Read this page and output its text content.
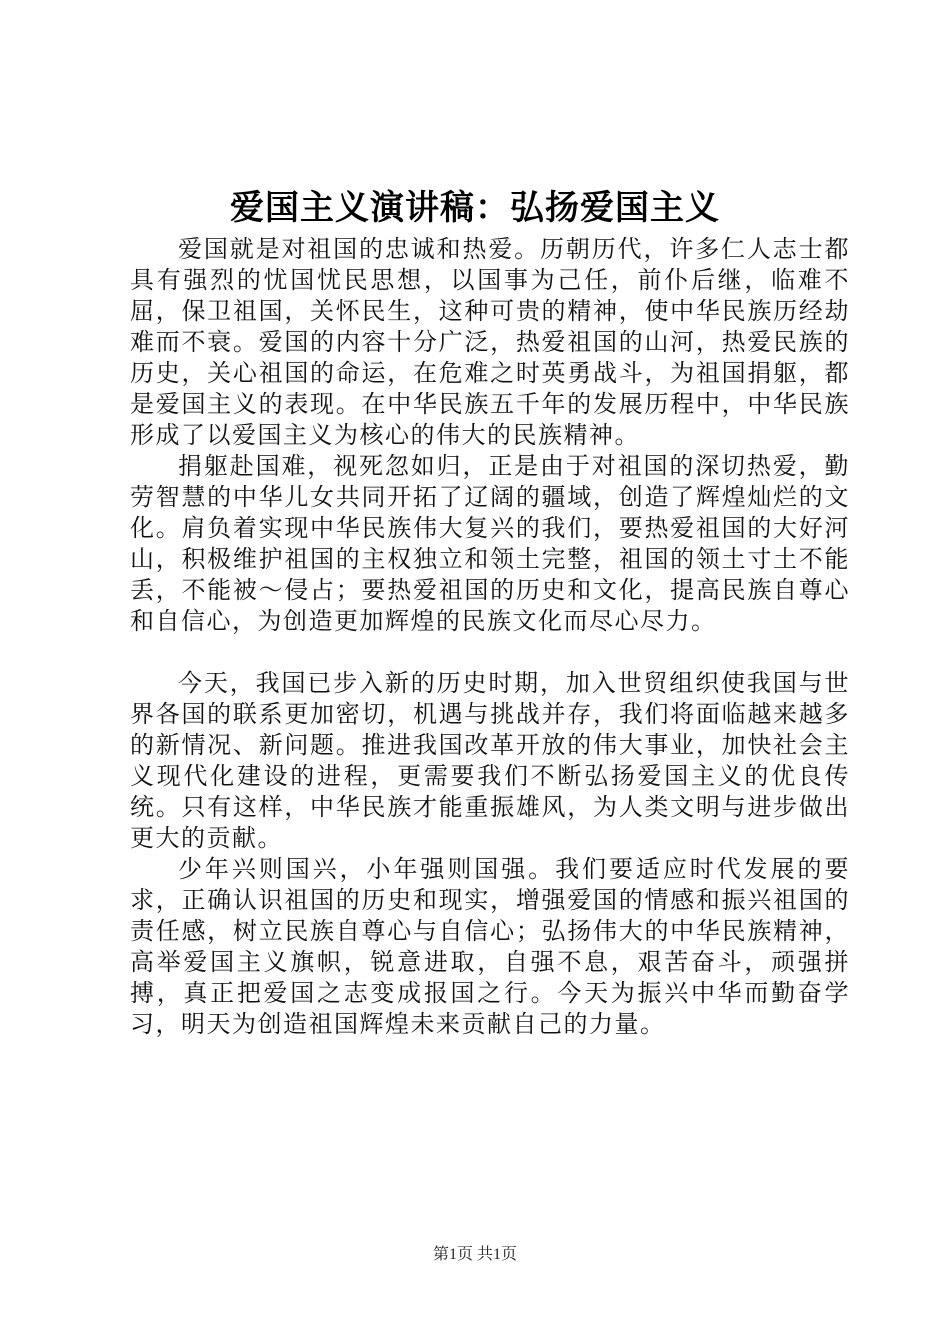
爱国主义演讲稿：弘扬爱国主义

爱国就是对祖国的忠诚和热爱。历朝历代，许多仁人志士都具有强烈的忧国忧民思想，以国事为己任，前仆后继，临难不屈，保卫祖国，关怀民生，这种可贵的精神，使中华民族历经劫难而不衰。爱国的内容十分广泛，热爱祖国的山河，热爱民族的历史，关心祖国的命运，在危难之时英勇战斗，为祖国捐躯，都是爱国主义的表现。在中华民族五千年的发展历程中，中华民族形成了以爱国主义为核心的伟大的民族精神。

捐躯赴国难，视死忽如归，正是由于对祖国的深切热爱，勤劳智慧的中华儿女共同开拓了辽阔的疆域，创造了辉煌灿烂的文化。肩负着实现中华民族伟大复兴的我们，要热爱祖国的大好河山，积极维护祖国的主权独立和领土完整，祖国的领土寸土不能丢，不能被～侵占；要热爱祖国的历史和文化，提高民族自尊心和自信心，为创造更加辉煌的民族文化而尽心尽力。

今天，我国已步入新的历史时期，加入世贸组织使我国与世界各国的联系更加密切，机遇与挑战并存，我们将面临越来越多的新情况、新问题。推进我国改革开放的伟大事业，加快社会主义现代化建设的进程，更需要我们不断弘扬爱国主义的优良传统。只有这样，中华民族才能重振雄风，为人类文明与进步做出更大的贡献。

少年兴则国兴，小年强则国强。我们要适应时代发展的要求，正确认识祖国的历史和现实，增强爱国的情感和振兴祖国的责任感，树立民族自尊心与自信心；弘扬伟大的中华民族精神，高举爱国主义旗帜，锐意进取，自强不息，艰苦奋斗，顽强拼搏，真正把爱国之志变成报国之行。今天为振兴中华而勤奋学习，明天为创造祖国辉煌未来贡献自己的力量。

第1页 共1页
